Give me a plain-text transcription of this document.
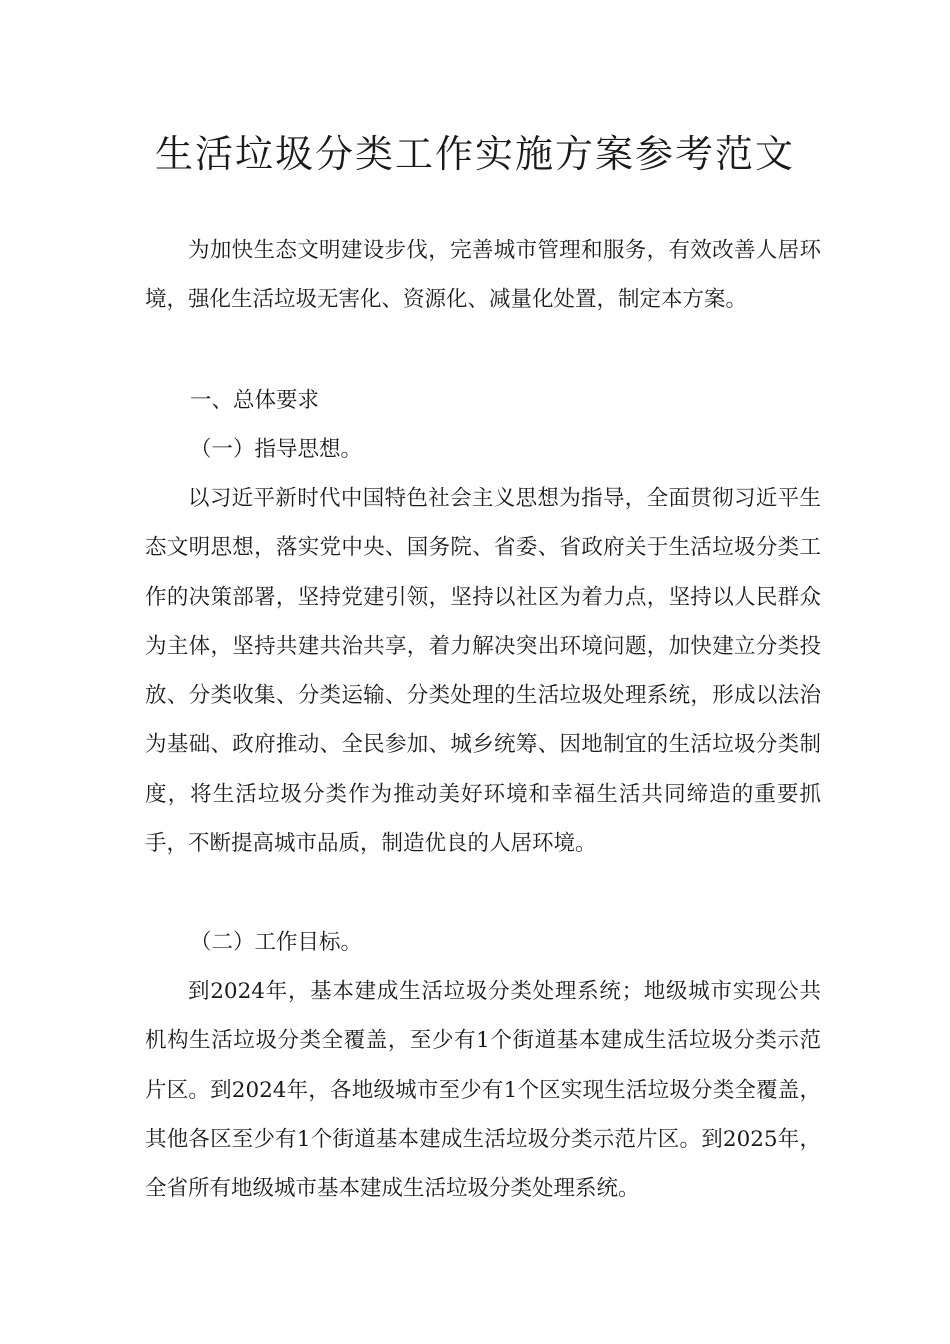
生活垃圾分类工作实施方案参考范文

为加快生态文明建设步伐，完善城市管理和服务，有效改善人居环境，强化生活垃圾无害化、资源化、减量化处置，制定本方案。

一、总体要求

（一）指导思想。

以习近平新时代中国特色社会主义思想为指导，全面贯彻习近平生态文明思想，落实党中央、国务院、省委、省政府关于生活垃圾分类工作的决策部署，坚持党建引领，坚持以社区为着力点，坚持以人民群众为主体，坚持共建共治共享，着力解决突出环境问题，加快建立分类投放、分类收集、分类运输、分类处理的生活垃圾处理系统，形成以法治为基础、政府推动、全民参加、城乡统筹、因地制宜的生活垃圾分类制度，将生活垃圾分类作为推动美好环境和幸福生活共同缔造的重要抓手，不断提高城市品质，制造优良的人居环境。

（二）工作目标。

到2024年，基本建成生活垃圾分类处理系统；地级城市实现公共机构生活垃圾分类全覆盖，至少有1个街道基本建成生活垃圾分类示范片区。到2024年，各地级城市至少有1个区实现生活垃圾分类全覆盖，其他各区至少有1个街道基本建成生活垃圾分类示范片区。到2025年，全省所有地级城市基本建成生活垃圾分类处理系统。
